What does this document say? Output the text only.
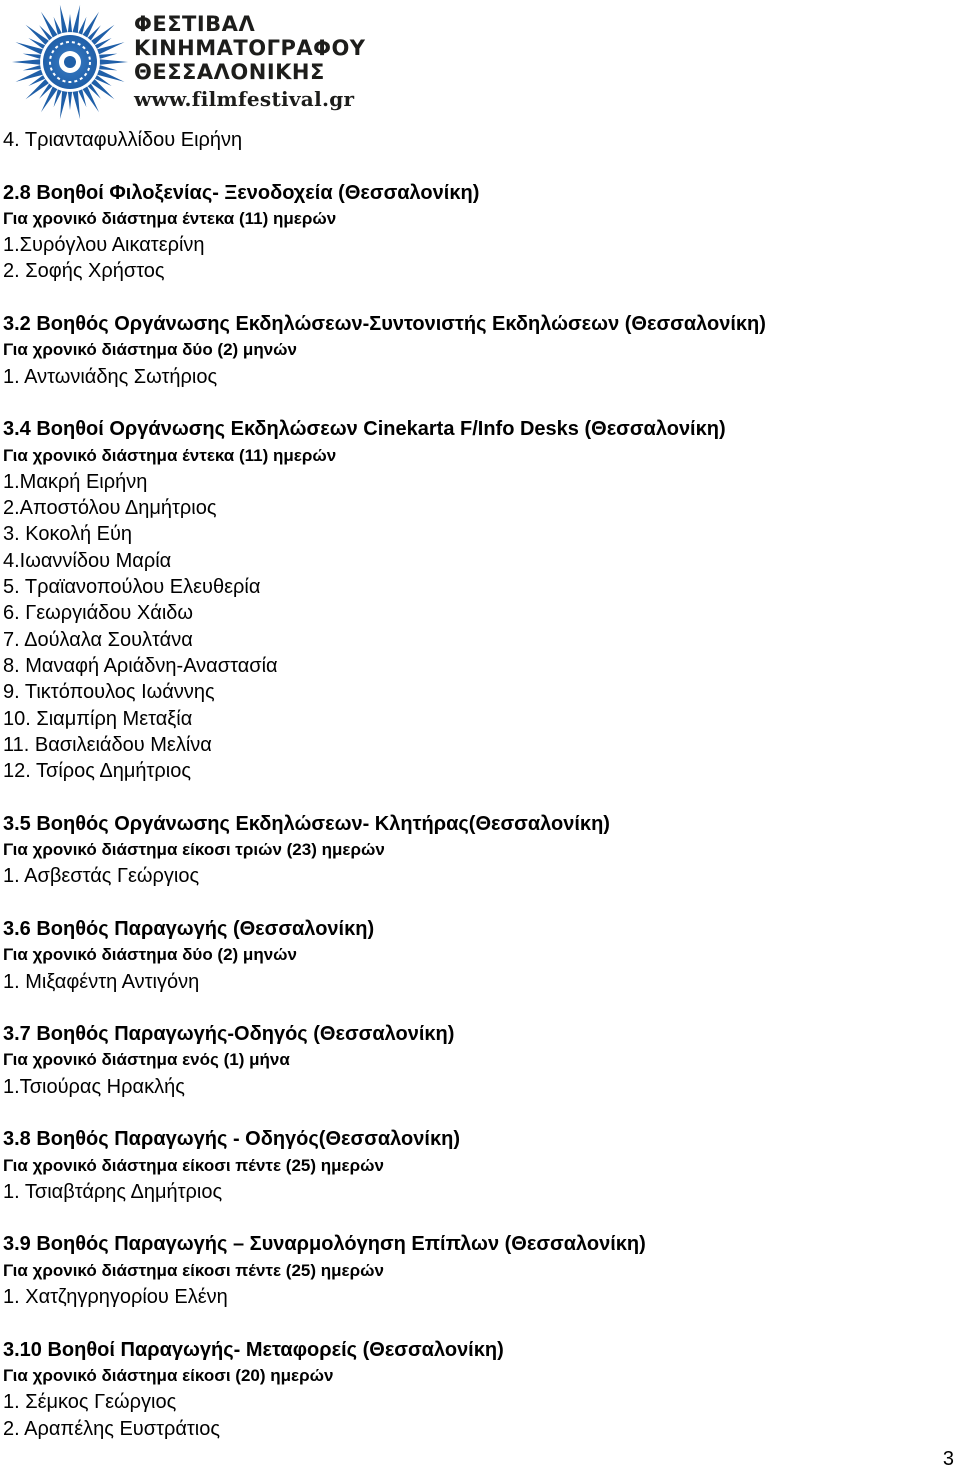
ΦΕΣΤΙΒΑΛ
ΚΙΝΗΜΑΤΟΓΡΑΦΟΥ
ΘΕΣΣΑΛΟΝΙΚΗΣ
www.filmfestival.gr
4. Τριανταφυλλίδου Ειρήνη
2.8 Βοηθοί Φιλοξενίας- Ξενοδοχεία (Θεσσαλονίκη)
Για χρονικό διάστημα έντεκα (11) ημερών
1.Συρόγλου Αικατερίνη
2. Σοφής Χρήστος
3.2 Βοηθός Οργάνωσης Εκδηλώσεων-Συντονιστής Εκδηλώσεων (Θεσσαλονίκη)
Για χρονικό διάστημα δύο (2) μηνών
1. Αντωνιάδης Σωτήριος
3.4 Βοηθοί Οργάνωσης Εκδηλώσεων Cinekarta F/Info Desks (Θεσσαλονίκη)
Για χρονικό διάστημα έντεκα (11) ημερών
1.Μακρή Ειρήνη
2.Αποστόλου Δημήτριος
3. Κοκολή Εύη
4.Ιωαννίδου Μαρία
5. Τραϊανοπούλου Ελευθερία
6. Γεωργιάδου Χάιδω
7. Δούλαλα Σουλτάνα
8. Μαναφή Αριάδνη-Αναστασία
9. Τικτόπουλος Ιωάννης
10. Σιαμπίρη Μεταξία
11. Βασιλειάδου Μελίνα
12. Τσίρος Δημήτριος
3.5 Βοηθός Οργάνωσης Εκδηλώσεων- Κλητήρας(Θεσσαλονίκη)
Για χρονικό διάστημα είκοσι τριών (23) ημερών
1. Ασβεστάς Γεώργιος
3.6 Βοηθός Παραγωγής (Θεσσαλονίκη)
Για χρονικό διάστημα δύο (2) μηνών
1. Μιξαφέντη Αντιγόνη
3.7 Βοηθός Παραγωγής-Οδηγός (Θεσσαλονίκη)
Για χρονικό διάστημα ενός (1) μήνα
1.Τσιούρας Ηρακλής
3.8 Βοηθός Παραγωγής - Οδηγός(Θεσσαλονίκη)
Για χρονικό διάστημα είκοσι πέντε (25) ημερών
1. Τσιαβτάρης Δημήτριος
3.9 Βοηθός Παραγωγής – Συναρμολόγηση Επίπλων (Θεσσαλονίκη)
Για χρονικό διάστημα είκοσι πέντε (25) ημερών
1. Χατζηγρηγορίου Ελένη
3.10 Βοηθοί Παραγωγής- Μεταφορείς (Θεσσαλονίκη)
Για χρονικό διάστημα είκοσι (20) ημερών
1. Σέμκος Γεώργιος
2. Αραπέλης Ευστράτιος
3
